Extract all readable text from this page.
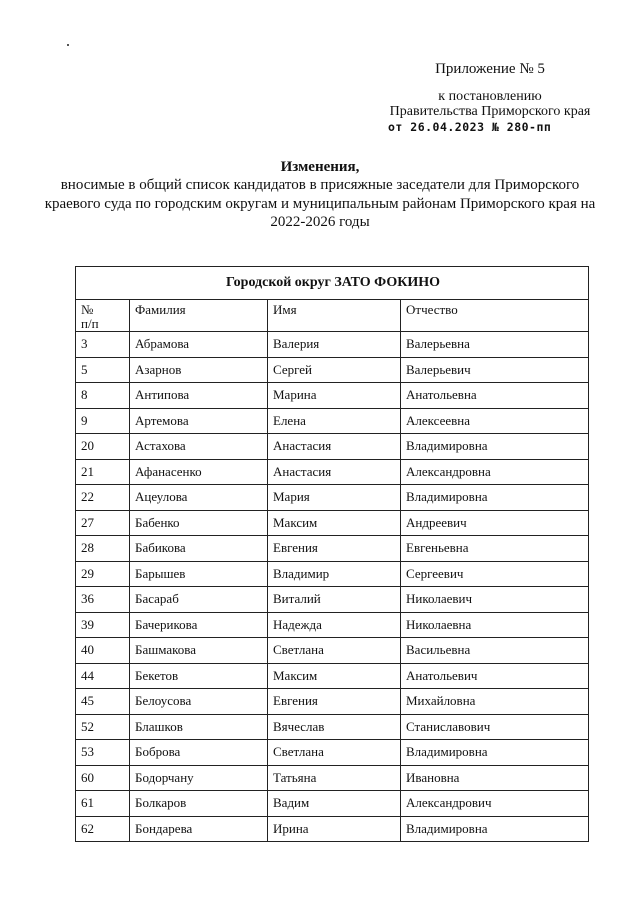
Приложение № 5
к постановлению
Правительства Приморского края
от 26.04.2023 № 280-пп
Изменения,
вносимые в общий список кандидатов в присяжные заседатели для Приморского
краевого суда по городским округам и муниципальным районам Приморского края на
2022-2026 годы
Городской округ ЗАТО ФОКИНО			

№
п/п	Фамилия	Имя	Отчество
3	Абрамова	Валерия	Валерьевна
5	Азарнов	Сергей	Валерьевич
8	Антипова	Марина	Анатольевна
9	Артемова	Елена	Алексеевна
20	Астахова	Анастасия	Владимировна
21	Афанасенко	Анастасия	Александровна
22	Ацеулова	Мария	Владимировна
27	Бабенко	Максим	Андреевич
28	Бабикова	Евгения	Евгеньевна
29	Барышев	Владимир	Сергеевич
36	Басараб	Виталий	Николаевич
39	Бачерикова	Надежда	Николаевна
40	Башмакова	Светлана	Васильевна
44	Бекетов	Максим	Анатольевич
45	Белоусова	Евгения	Михайловна
52	Блашков	Вячеслав	Станиславович
53	Боброва	Светлана	Владимировна
60	Бодорчану	Татьяна	Ивановна
61	Болкаров	Вадим	Александрович
62	Бондарева	Ирина	Владимировна
